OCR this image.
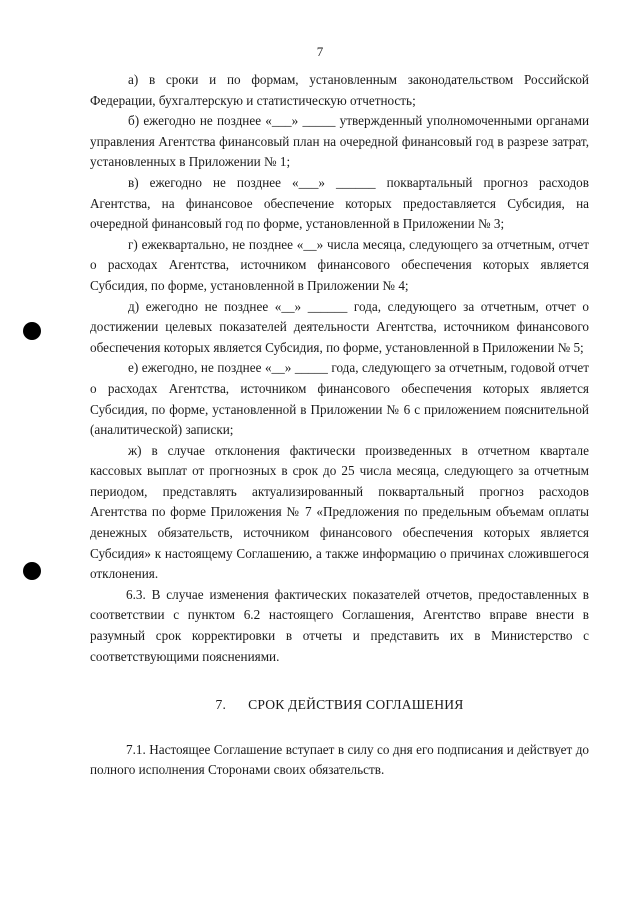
7

а) в сроки и по формам, установленным законодательством Российской Федерации, бухгалтерскую и статистическую отчетность;

б) ежегодно не позднее «___» _____ утвержденный уполномоченными органами управления Агентства финансовый план на очередной финансовый год в разрезе затрат, установленных в Приложении № 1;

в) ежегодно не позднее «___» ______ поквартальный прогноз расходов Агентства, на финансовое обеспечение которых предоставляется Субсидия, на очередной финансовый год по форме, установленной в Приложении № 3;

г) ежеквартально, не позднее «__» числа месяца, следующего за отчетным, отчет о расходах Агентства, источником финансового обеспечения которых является Субсидия, по форме, установленной в Приложении № 4;

д) ежегодно не позднее «__» ______ года, следующего за отчетным, отчет о достижении целевых показателей деятельности Агентства, источником финансового обеспечения которых является Субсидия, по форме, установленной в Приложении № 5;

е) ежегодно, не позднее «__» _____ года, следующего за отчетным, годовой отчет о расходах Агентства, источником финансового обеспечения которых является Субсидия, по форме, установленной в Приложении № 6 с приложением пояснительной (аналитической) записки;

ж) в случае отклонения фактически произведенных в отчетном квартале кассовых выплат от прогнозных в срок до 25 числа месяца, следующего за отчетным периодом, представлять актуализированный поквартальный прогноз расходов Агентства по форме Приложения № 7 «Предложения по предельным объемам оплаты денежных обязательств, источником финансового обеспечения которых является Субсидия» к настоящему Соглашению, а также информацию о причинах сложившегося отклонения.

6.3. В случае изменения фактических показателей отчетов, предоставленных в соответствии с пунктом 6.2 настоящего Соглашения, Агентство вправе внести в разумный срок корректировки в отчеты и представить их в Министерство с соответствующими пояснениями.

7. СРОК ДЕЙСТВИЯ СОГЛАШЕНИЯ

7.1. Настоящее Соглашение вступает в силу со дня его подписания и действует до полного исполнения Сторонами своих обязательств.
